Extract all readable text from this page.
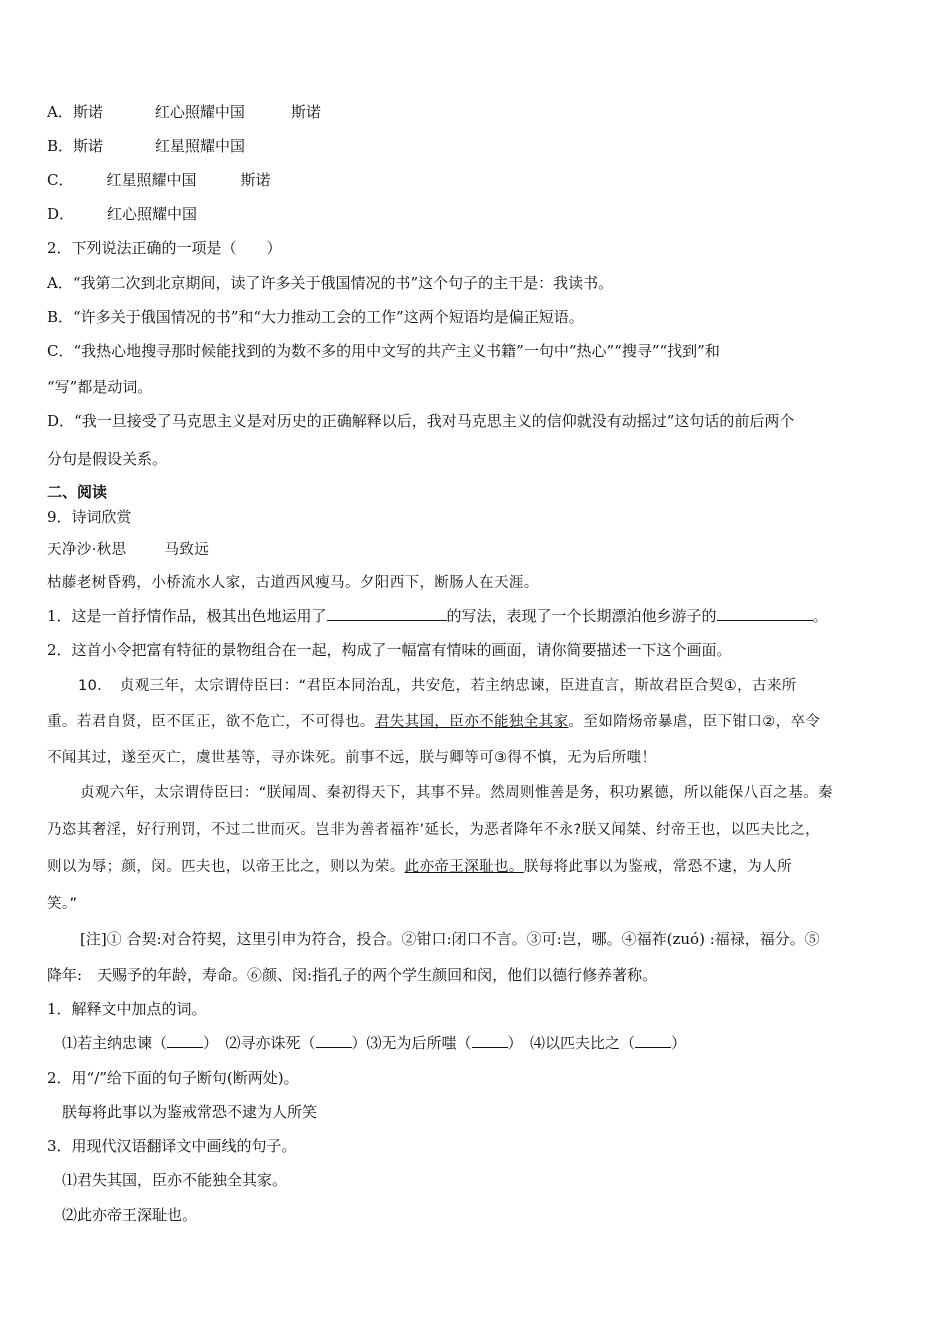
A．斯诺	红心照耀中国	斯诺
B．斯诺	红星照耀中国
C． 红星照耀中国	斯诺
D． 红心照耀中国
2．下列说法正确的一项是（　　）
A．“我第二次到北京期间，读了许多关于俄国情况的书”这个句子的主干是：我读书。
B．“许多关于俄国情况的书”和“大力推动工会的工作”这两个短语均是偏正短语。
C．“我热心地搜寻那时候能找到的为数不多的用中文写的共产主义书籍”一句中“热心”“搜寻”“找到”和
“写”都是动词。
D．“我一旦接受了马克思主义是对历史的正确解释以后，我对马克思主义的信仰就没有动摇过”这句话的前后两个
分句是假设关系。
二、阅读
9．诗词欣赏
天净沙·秋思	马致远
枯藤老树昏鸦，小桥流水人家，古道西风瘦马。夕阳西下，断肠人在天涯。
1．这是一首抒情作品，极其出色地运用了	的写法，表现了一个长期漂泊他乡游子的	。
2．这首小令把富有特征的景物组合在一起，构成了一幅富有情味的画面，请你简要描述一下这个画面。
10．　贞观三年，太宗谓侍臣曰：“君臣本同治乱，共安危，若主纳忠谏，臣进直言，斯故君臣合契①，古来所
重。若君自贤，臣不匡正，欲不危亡，不可得也。君失其国，臣亦不能独全其家。至如隋炀帝暴虐，臣下钳口②，卒令
不闻其过，遂至灭亡，虞世基等，寻亦诛死。前事不远，朕与卿等可③得不慎，无为后所嗤！
贞观六年，太宗谓侍臣曰：“朕闻周、秦初得天下，其事不异。然周则惟善是务，积功累德，所以能保八百之基。秦
乃恣其奢淫，好行刑罚，不过二世而灭。岂非为善者福祚’延长，为恶者降年不永?朕又闻桀、纣帝王也，以匹夫比之，
则以为辱；颜，闵。匹夫也，以帝王比之，则以为荣。此亦帝王深耻也。朕每将此事以为鉴戒，常恐不逮，为人所
笑。”
[注]① 合契:对合符契，这里引申为符合，投合。②钳口:闭口不言。③可:岂，哪。④福祚(zuó) :福禄，福分。⑤
降年:　天赐予的年龄，寿命。⑥颜、闵:指孔子的两个学生颜回和闵，他们以德行修养著称。
1．解释文中加点的词。
⑴若主纳忠谏（ ）　⑵寻亦诛死（ ）⑶无为后所嗤（ ）　⑷以匹夫比之（ ）
2．用“/”给下面的句子断句(断两处)。
朕每将此事以为鉴戒常恐不逮为人所笑
3．用现代汉语翻译文中画线的句子。
⑴君失其国，臣亦不能独全其家。
⑵此亦帝王深耻也。
